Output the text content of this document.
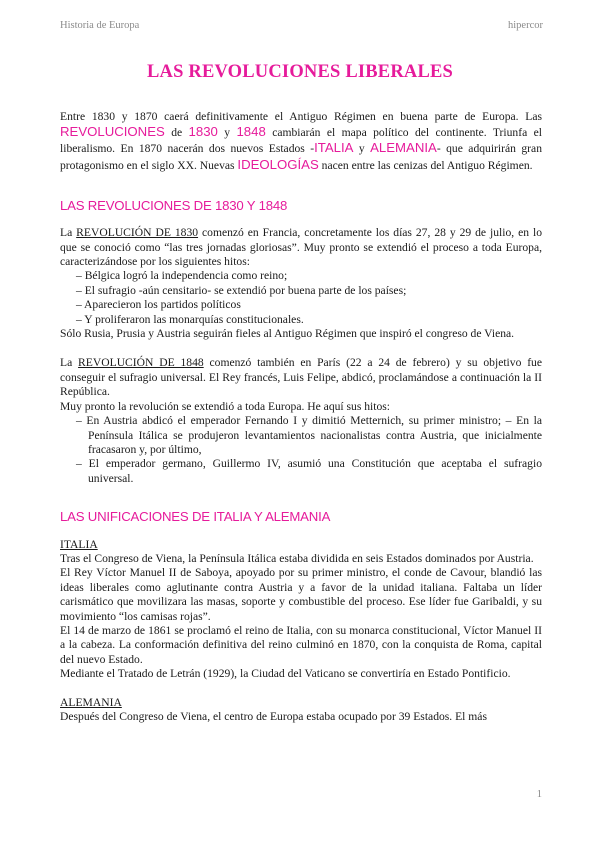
Historia de Europa	hipercor
LAS REVOLUCIONES LIBERALES

Entre 1830 y 1870 caerá definitivamente el Antiguo Régimen en buena parte de Europa. Las REVOLUCIONES de 1830 y 1848 cambiarán el mapa político del continente. Triunfa el liberalismo. En 1870 nacerán dos nuevos Estados -ITALIA y ALEMANIA- que adquirirán gran protagonismo en el siglo XX. Nuevas IDEOLOGÍAS nacen entre las cenizas del Antiguo Régimen.

LAS REVOLUCIONES DE 1830 Y 1848

La REVOLUCIÓN DE 1830 comenzó en Francia, concretamente los días 27, 28 y 29 de julio, en lo que se conoció como “las tres jornadas gloriosas”. Muy pronto se extendió el proceso a toda Europa, caracterizándose por los siguientes hitos:

– Bélgica logró la independencia como reino;
– El sufragio -aún censitario- se extendió por buena parte de los países;
– Aparecieron los partidos políticos
– Y proliferaron las monarquías constitucionales.

Sólo Rusia, Prusia y Austria seguirán fieles al Antiguo Régimen que inspiró el congreso de Viena.

La REVOLUCIÓN DE 1848 comenzó también en París (22 a 24 de febrero) y su objetivo fue conseguir el sufragio universal. El Rey francés, Luis Felipe, abdicó, proclamándose a continuación la II República.

Muy pronto la revolución se extendió a toda Europa. He aquí sus hitos:

– En Austria abdicó el emperador Fernando I y dimitió Metternich, su primer ministro; – En la Península Itálica se produjeron levantamientos nacionalistas contra Austria, que inicialmente fracasaron y, por último,
– El emperador germano, Guillermo IV, asumió una Constitución que aceptaba el sufragio universal.
LAS UNIFICACIONES DE ITALIA Y ALEMANIA

ITALIA

Tras el Congreso de Viena, la Península Itálica estaba dividida en seis Estados dominados por Austria.

El Rey Víctor Manuel II de Saboya, apoyado por su primer ministro, el conde de Cavour, blandió las ideas liberales como aglutinante contra Austria y a favor de la unidad italiana. Faltaba un líder carismático que movilizara las masas, soporte y combustible del proceso. Ese líder fue Garibaldi, y su movimiento “los camisas rojas”.

El 14 de marzo de 1861 se proclamó el reino de Italia, con su monarca constitucional, Víctor Manuel II a la cabeza. La conformación definitiva del reino culminó en 1870, con la conquista de Roma, capital del nuevo Estado.

Mediante el Tratado de Letrán (1929), la Ciudad del Vaticano se convertiría en Estado Pontificio.

ALEMANIA

Después del Congreso de Viena, el centro de Europa estaba ocupado por 39 Estados. El más

1
